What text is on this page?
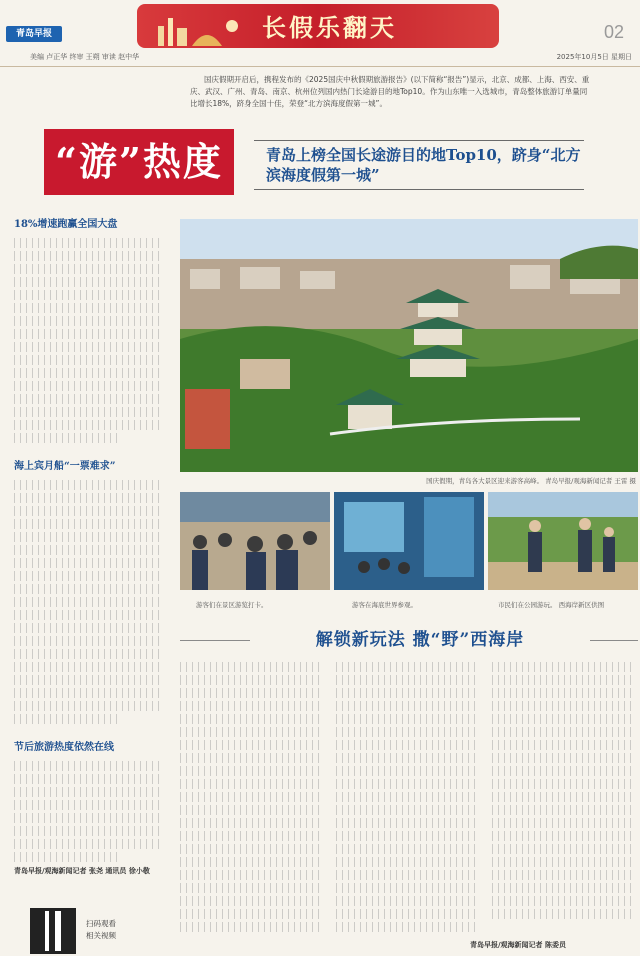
青岛早报	长假乐翻天	02
美编 卢正华 终审 王朔 审读 赵中华	2025年10月5日 星期日
国庆假期开启后，携程发布的《2025国庆中秋假期旅游报告》(以下简称“报告”)显示，北京、成都、上海、西安、重庆、武汉、广州、青岛、南京、杭州位列国内热门长途游目的地Top10。作为山东唯一入选城市，青岛整体旅游订单量同比增长18%，跻身全国十佳，荣登“北方滨海度假第一城”。
“游”热度	青岛上榜全国长途游目的地Top10，跻身“北方滨海度假第一城”
18%增速跑赢全国大盘
海上宾月船“一票难求”
节后旅游热度依然在线
青岛早报/观海新闻记者 张尧 通讯员 徐小敬
扫码观看
相关视频
国庆假期，青岛各大景区迎来游客高峰。 青岛早报/观海新闻记者 王雷 摄
游客们在景区游览打卡。	游客在海底世界参观。	市民们在公园游玩。 西海岸新区供图
解锁新玩法 撒“野”西海岸
青岛早报/观海新闻记者 陈委员
